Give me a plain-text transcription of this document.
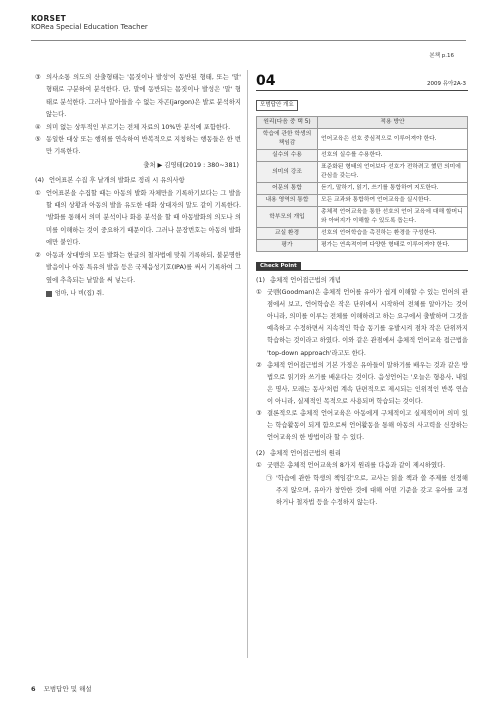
KORSET
KORea Special Education Teacher
본책 p.16
③ 의사소통 의도의 산출형태는 '몸짓이나 발성'이 동반된 형태, 또는 '말' 형태로 구분하여 분석한다. 단, 말에 동반되는 몸짓이나 발성은 '말' 형태로 분석한다. 그러나 말아들을 수 없는 자곤(jargon)은 발로 분석하지 않는다.
④ 의미 없는 상투적인 부르기는 전체 자료의 10%만 분석에 포함한다.
⑤ 동일한 대상 또는 행위를 연속하여 반복적으로 지칭하는 행동들은 한 번만 기록한다.
출처 ▶ 김영태(2019 : 380~381)
(4) 언어표본 수집 후 낱개의 발화로 정리 시 유의사항
① 언어표본을 수집할 때는 아동의 발화 자체만을 기록하기보다는 그 발을 할 때의 상황과 아동의 발을 유도한 대화 상대자의 말도 같이 기록한다. '발화를 통해서 의미 분석이나 화용 분석을 할 때 아동발화의 의도나 의미를 이해하는 것이 중요하기 때문이다. 그러나 문장번호는 아동의 발화에만 붙인다.
② 아동과 상대방의 모든 발화는 한글의 철자법에 맞춰 기록하되, 불분명한 발음이나 아동 특유의 발음 등은 국제음성기호(IPA)를 써서 기록하여 그 옆에 추측되는 낱말을 써 넣는다.
엄마, 나 비(집) 줘.
04	2009 유아2A-3
모범답안 개요
원리(다음 중 택 5)	적용 방안
학습에 관한 학생의 책임감	언어교육은 선호 중심적으로 이루어져야 한다.
실수의 수용	선호의 실수를 수용한다.
의미의 강조	표준화된 형태의 언어보다 선호가 전하려고 했던 의미에 관심을 갖는다.
어문의 통합	듣기, 말하기, 읽기, 쓰기를 통합하여 지도한다.
내용 영역의 통합	모든 교과와 통합하여 언어교육을 실시한다.
학부모의 개입	총체적 언어교육을 통한 선호의 언어 교육에 대해 할머니와 아버지가 이해할 수 있도록 돕는다.
교실 환경	선호의 언어학습을 촉진하는 환경을 구성한다.
평가	평가는 연속적이며 다양한 형태로 이루어져야 한다.
Check Point
(1) 총체적 언어접근법의 개념
① 굿맨(Goodman)은 총체적 언어를 유아가 쉽게 이해할 수 있는 언어의 관점에서 보고, 언어학습은 작은 단위에서 시작하여 전체를 알아가는 것이 아니라, 의미를 이루는 전체를 이해하려고 하는 요구에서 출발하며 그것을 예측하고 수정하면서 지속적인 학습 동기를 유발시켜 점차 작은 단위까지 학습하는 것이라고 하였다. 이와 같은 관점에서 총체적 언어교육 접근법을 'top-down approach'라고도 한다.
② 총체적 언어접근법의 기본 가정은 유아들이 말하기를 배우는 것과 같은 방법으로 읽기와 쓰기를 배운다는 것이다. 음성언어는 '오늘은 형용사, 내일은 명사, 모레는 동사'처럼 계속 단편적으로 제시되는 인위적인 반복 연습이 아니라, 실제적인 목적으로 사용되며 학습되는 것이다.
③ 결론적으로 총체적 언어교육은 아동에게 구체적이고 실제적이며 의미 있는 학습활동이 되게 함으로써 언어활동을 통해 아동의 사고력을 신장하는 언어교육의 한 방법이라 할 수 있다.
(2) 총체적 언어접근법의 원리
① 굿맨은 총체적 언어교육의 8가지 원리를 다음과 같이 제시하였다.
㉠ '학습에 관한 학생의 책임감'으로, 교사는 읽을 책과 쓸 주제를 선정해 주지 않으며, 유아가 창안한 것에 대해 어떤 기준을 갖고 유아를 교정하거나 철자법 등을 수정하지 않는다.
6 모범답안 및 해설
